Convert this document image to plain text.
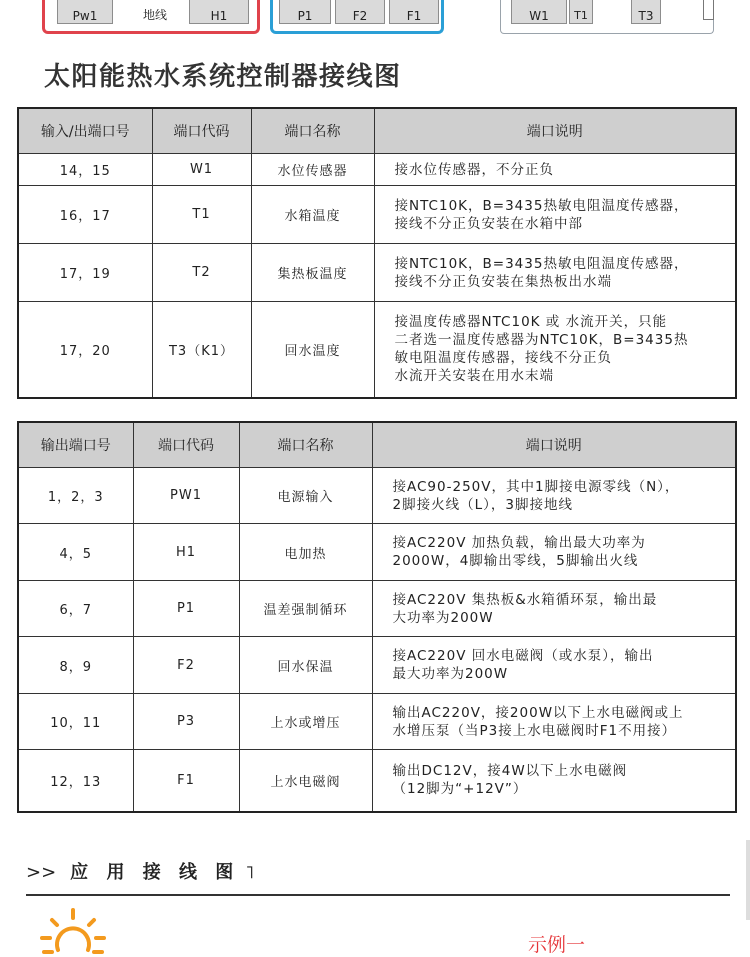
Pw1	地线	H1	P1	F2	F1	W1	T1	T3
太阳能热水系统控制器接线图
输入/出端口号	端口代码	端口名称	端口说明
14，15	W1	水位传感器	接水位传感器，不分正负

16，17	T1	水箱温度	接NTC10K，B=3435热敏电阻温度传感器，
接线不分正负安装在水箱中部

17，19	T2	集热板温度	接NTC10K，B=3435热敏电阻温度传感器，
接线不分正负安装在集热板出水端

17，20	T3（K1）	回水温度	接温度传感器NTC10K 或 水流开关，只能
二者选一温度传感器为NTC10K，B=3435热
敏电阻温度传感器，接线不分正负
水流开关安装在用水末端
输出端口号	端口代码	端口名称	端口说明
1，2，3	PW1	电源输入	接AC90-250V，其中1脚接电源零线（N），
2脚接火线（L），3脚接地线

4，5	H1	电加热	接AC220V 加热负载，输出最大功率为
2000W，4脚输出零线，5脚输出火线

6，7	P1	温差强制循环	接AC220V 集热板&水箱循环泵，输出最
大功率为200W

8，9	F2	回水保温	接AC220V 回水电磁阀（或水泵），输出
最大功率为200W

10，11	P3	上水或增压	输出AC220V，接200W以下上水电磁阀或上
水增压泵（当P3接上水电磁阀时F1不用接）

12，13	F1	上水电磁阀	输出DC12V，接4W以下上水电磁阀
（12脚为“+12V”）
>> 应 用 接 线 图 ˥
示例一
